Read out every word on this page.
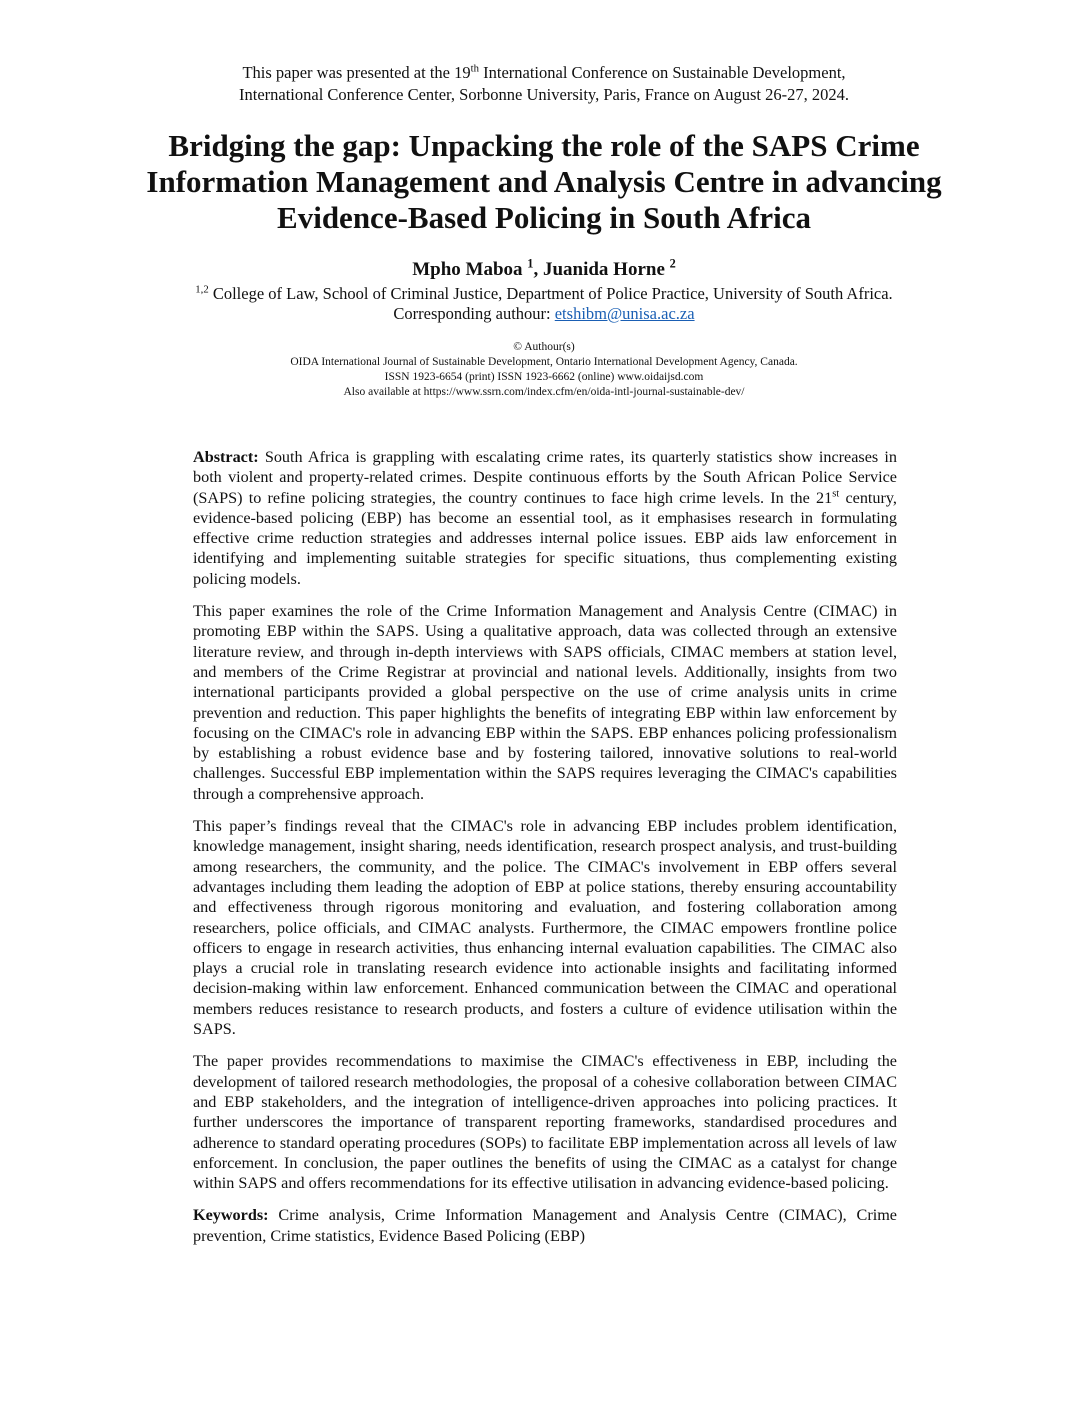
This paper was presented at the 19th International Conference on Sustainable Development,
International Conference Center, Sorbonne University, Paris, France on August 26-27, 2024.
Bridging the gap: Unpacking the role of the SAPS Crime Information Management and Analysis Centre in advancing Evidence-Based Policing in South Africa
Mpho Maboa $^1$, Juanida Horne $^2$
$^{1,2}$ College of Law, School of Criminal Justice, Department of Police Practice, University of South Africa.
Corresponding authour: etshibm@unisa.ac.za
© Authour(s)
OIDA International Journal of Sustainable Development, Ontario International Development Agency, Canada.
ISSN 1923-6654 (print) ISSN 1923-6662 (online) www.oidaijsd.com
Also available at https://www.ssrn.com/index.cfm/en/oida-intl-journal-sustainable-dev/

Abstract: South Africa is grappling with escalating crime rates, its quarterly statistics show increases in both violent and property-related crimes. Despite continuous efforts by the South African Police Service (SAPS) to refine policing strategies, the country continues to face high crime levels. In the 21st century, evidence-based policing (EBP) has become an essential tool, as it emphasises research in formulating effective crime reduction strategies and addresses internal police issues. EBP aids law enforcement in identifying and implementing suitable strategies for specific situations, thus complementing existing policing models.

This paper examines the role of the Crime Information Management and Analysis Centre (CIMAC) in promoting EBP within the SAPS. Using a qualitative approach, data was collected through an extensive literature review, and through in-depth interviews with SAPS officials, CIMAC members at station level, and members of the Crime Registrar at provincial and national levels. Additionally, insights from two international participants provided a global perspective on the use of crime analysis units in crime prevention and reduction. This paper highlights the benefits of integrating EBP within law enforcement by focusing on the CIMAC's role in advancing EBP within the SAPS. EBP enhances policing professionalism by establishing a robust evidence base and by fostering tailored, innovative solutions to real-world challenges. Successful EBP implementation within the SAPS requires leveraging the CIMAC's capabilities through a comprehensive approach.

This paper’s findings reveal that the CIMAC's role in advancing EBP includes problem identification, knowledge management, insight sharing, needs identification, research prospect analysis, and trust-building among researchers, the community, and the police. The CIMAC's involvement in EBP offers several advantages including them leading the adoption of EBP at police stations, thereby ensuring accountability and effectiveness through rigorous monitoring and evaluation, and fostering collaboration among researchers, police officials, and CIMAC analysts. Furthermore, the CIMAC empowers frontline police officers to engage in research activities, thus enhancing internal evaluation capabilities. The CIMAC also plays a crucial role in translating research evidence into actionable insights and facilitating informed decision-making within law enforcement. Enhanced communication between the CIMAC and operational members reduces resistance to research products, and fosters a culture of evidence utilisation within the SAPS.

The paper provides recommendations to maximise the CIMAC's effectiveness in EBP, including the development of tailored research methodologies, the proposal of a cohesive collaboration between CIMAC and EBP stakeholders, and the integration of intelligence-driven approaches into policing practices. It further underscores the importance of transparent reporting frameworks, standardised procedures and adherence to standard operating procedures (SOPs) to facilitate EBP implementation across all levels of law enforcement. In conclusion, the paper outlines the benefits of using the CIMAC as a catalyst for change within SAPS and offers recommendations for its effective utilisation in advancing evidence-based policing.

Keywords: Crime analysis, Crime Information Management and Analysis Centre (CIMAC), Crime prevention, Crime statistics, Evidence Based Policing (EBP)
